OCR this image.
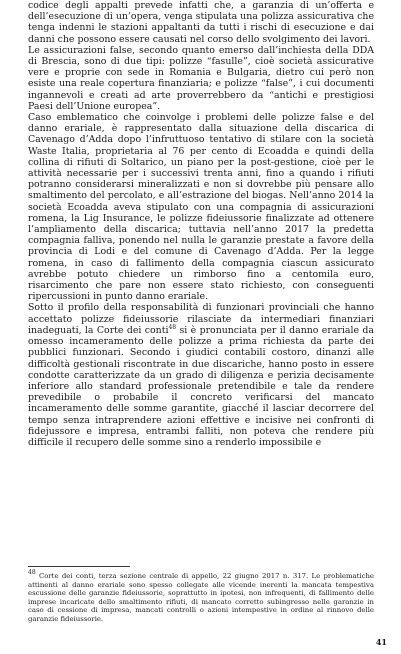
codice degli appalti prevede infatti che, a garanzia di un’offerta e dell’esecuzione di un’opera, venga stipulata una polizza assicurativa che tenga indenni le stazioni appaltanti da tutti i rischi di esecuzione e dai danni che possono essere causati nel corso dello svolgimento dei lavori.

Le assicurazioni false, secondo quanto emerso dall’inchiesta della DDA di Brescia, sono di due tipi: polizze “fasulle”, cioè società assicurative vere e proprie con sede in Romania e Bulgaria, dietro cui però non esiste una reale copertura finanziaria; e polizze “false”, i cui documenti ingannevoli e creati ad arte proverrebbero da “antichi e prestigiosi Paesi dell’Unione europea”.

Caso emblematico che coinvolge i problemi delle polizze false e del danno erariale, è rappresentato dalla situazione della discarica di Cavenago d’Adda dopo l’infruttuoso tentativo di stilare con la società Waste Italia, proprietaria al 76 per cento di Ecoadda e quindi della collina di rifiuti di Soltarico, un piano per la post-gestione, cioè per le attività necessarie per i successivi trenta anni, fino a quando i rifiuti potranno considerarsi mineralizzati e non si dovrebbe più pensare allo smaltimento del percolato, e all’estrazione del biogas. Nell’anno 2014 la società Ecoadda aveva stipulato con una compagnia di assicurazioni romena, la Lig Insurance, le polizze fideiussorie finalizzate ad ottenere l’ampliamento della discarica; tuttavia nell’anno 2017 la predetta compagnia falliva, ponendo nel nulla le garanzie prestate a favore della provincia di Lodi e del comune di Cavenago d’Adda. Per la legge romena, in caso di fallimento della compagnia ciascun assicurato avrebbe potuto chiedere un rimborso fino a centomila euro, risarcimento che pare non essere stato richiesto, con conseguenti ripercussioni in punto danno erariale.

Sotto il profilo della responsabilità di funzionari provinciali che hanno accettato polizze fideiussorie rilasciate da intermediari finanziari inadeguati, la Corte dei conti$^{48}$ si è pronunciata per il danno erariale da omesso incameramento delle polizze a prima richiesta da parte dei pubblici funzionari. Secondo i giudici contabili costoro, dinanzi alle difficoltà gestionali riscontrate in due discariche, hanno posto in essere condotte caratterizzate da un grado di diligenza e perizia decisamente inferiore allo standard professionale pretendibile e tale da rendere prevedibile o probabile il concreto verificarsi del mancato incameramento delle somme garantite, giacché il lasciar decorrere del tempo senza intraprendere azioni effettive e incisive nei confronti di fidejussore e impresa, entrambi falliti, non poteva che rendere più difficile il recupero delle somme sino a renderlo impossibile e

$^{48}$ Corte dei conti, terza sezione centrale di appello, 22 giugno 2017 n. 317. Le problematiche attinenti al danno erariale sono spesso collegate alle vicende inerenti la mancata tempestiva escussione delle garanzie fideiussorie, soprattutto in ipotesi, non infrequenti, di fallimento delle imprese incaricate dello smaltimento rifiuti, di mancato corretto subingresso nelle garanzie in caso di cessione di impresa, mancati controlli o azioni intempestive in ordine al rinnovo delle garanzie fideiussorie.

41
